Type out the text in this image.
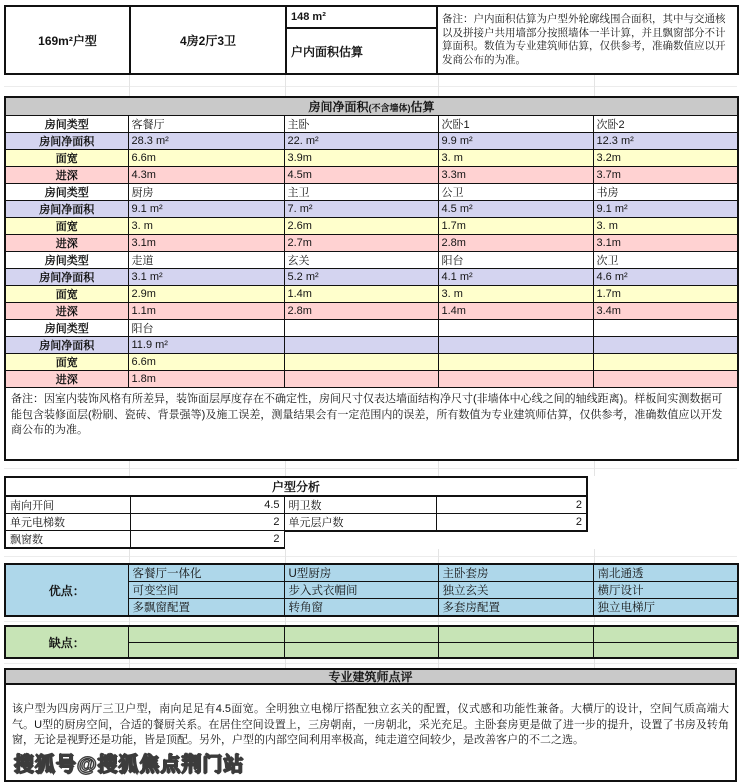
169m²户型	4房2厅3卫	148 m²	备注：户内面积估算为户型外轮廓线围合面积，其中与交通核以及拼接户共用墙部分按照墙体一半计算，并且飘窗部分不计算面积。数值为专业建筑师估算，仅供参考，准确数值应以开发商公布的为准。
户内面积估算
房间净面积(不含墙体)估算				
房间类型	客餐厅	主卧	次卧1	次卧2
房间净面积	28.3 m²	22. m²	9.9 m²	12.3 m²
面宽	6.6m	3.9m	3. m	3.2m
进深	4.3m	4.5m	3.3m	3.7m
房间类型	厨房	主卫	公卫	书房
房间净面积	9.1 m²	7. m²	4.5 m²	9.1 m²
面宽	3. m	2.6m	1.7m	3. m
进深	3.1m	2.7m	2.8m	3.1m
房间类型	走道	玄关	阳台	次卫
房间净面积	3.1 m²	5.2 m²	4.1 m²	4.6 m²
面宽	2.9m	1.4m	3. m	1.7m
进深	1.1m	2.8m	1.4m	3.4m
房间类型	阳台			
房间净面积	11.9 m²			
面宽	6.6m			
进深	1.8m			
备注：因室内装饰风格有所差异，装饰面层厚度存在不确定性，房间尺寸仅表达墙面结构净尺寸(非墙体中心线之间的轴线距离)。样板间实测数据可能包含装修面层(粉刷、瓷砖、背景强等)及施工误差，测量结果会有一定范围内的误差，所有数值为专业建筑师估算，仅供参考，准确数值应以开发商公布的为准。				
户型分析			
南向开间	4.5	明卫数	2
单元电梯数	2	单元层户数	2
飘窗数	2		
优点：	客餐厅一体化	U型厨房	主卧套房	南北通透
	可变空间	步入式衣帽间	独立玄关	横厅设计
	多飘窗配置	转角窗	多套房配置	独立电梯厅
缺点：				

专业建筑师点评
该户型为四房两厅三卫户型，南向足足有4.5面宽。全明独立电梯厅搭配独立玄关的配置，仪式感和功能性兼备。大横厅的设计，空间气质高端大气。U型的厨房空间，合适的餐厨关系。在居住空间设置上，三房朝南，一房朝北，采光充足。主卧套房更是做了进一步的提升，设置了书房及转角窗，无论是视野还是功能，皆是顶配。另外，户型的内部空间利用率极高，纯走道空间较少，是改善客户的不二之选。
搜狐号@搜狐焦点荆门站
